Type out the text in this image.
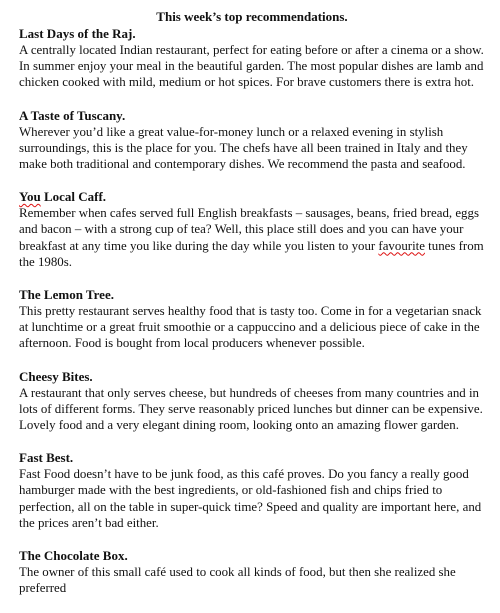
This week’s top recommendations.

Last Days of the Raj.

A centrally located Indian restaurant, perfect for eating before or after a cinema or a show. In summer enjoy your meal in the beautiful garden. The most popular dishes are lamb and chicken cooked with mild, medium or hot spices. For brave customers there is extra hot.

A Taste of Tuscany.

Wherever you’d like a great value-for-money lunch or a relaxed evening in stylish surroundings, this is the place for you. The chefs have all been trained in Italy and they make both traditional and contemporary dishes. We recommend the pasta and seafood.

You Local Caff.

Remember when cafes served full English breakfasts – sausages, beans, fried bread, eggs and bacon – with a strong cup of tea? Well, this place still does and you can have your breakfast at any time you like during the day while you listen to your favourite tunes from the 1980s.

The Lemon Tree.

This pretty restaurant serves healthy food that is tasty too. Come in for a vegetarian snack at lunchtime or a great fruit smoothie or a cappuccino and a delicious piece of cake in the afternoon. Food is bought from local producers whenever possible.

Cheesy Bites.

A restaurant that only serves cheese, but hundreds of cheeses from many countries and in lots of different forms. They serve reasonably priced lunches but dinner can be expensive. Lovely food and a very elegant dining room, looking onto an amazing flower garden.

Fast Best.

Fast Food doesn’t have to be junk food, as this café proves. Do you fancy a really good hamburger made with the best ingredients, or old-fashioned fish and chips fried to perfection, all on the table in super-quick time? Speed and quality are important here, and the prices aren’t bad either.

The Chocolate Box.

The owner of this small café used to cook all kinds of food, but then she realized she preferred
